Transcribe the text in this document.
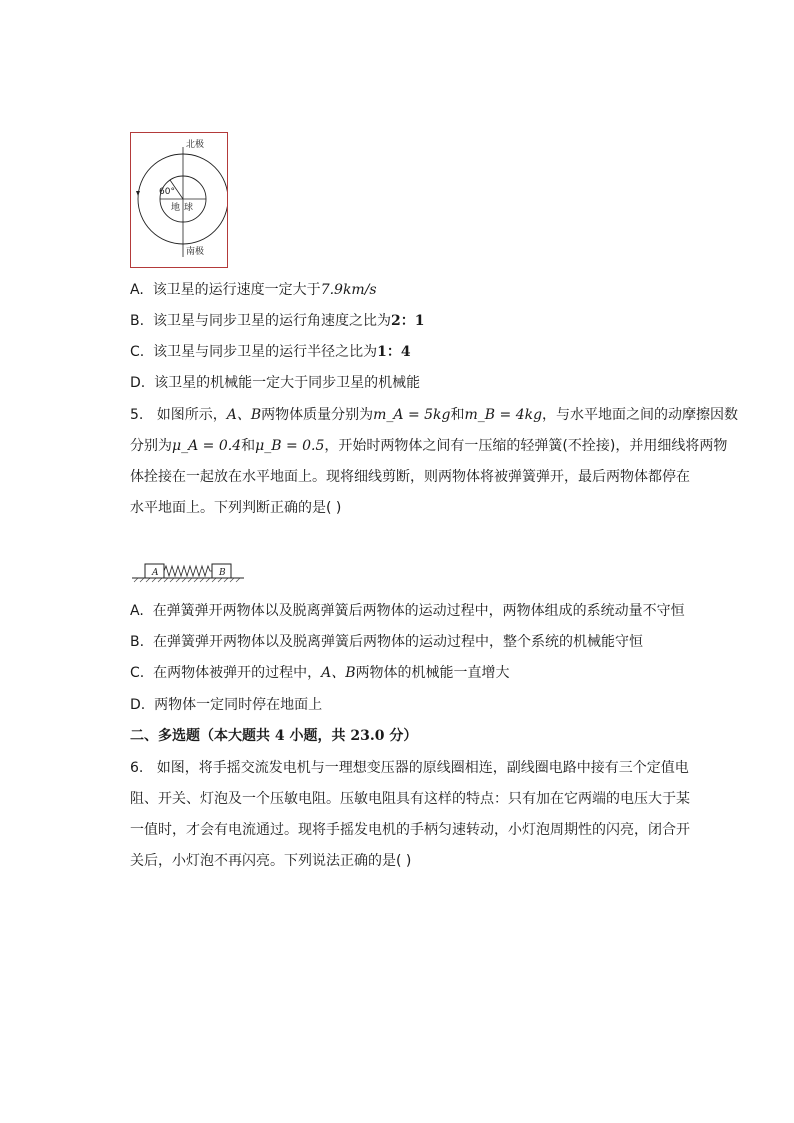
北极
南极
60°
地 球
A. 该卫星的运行速度一定大于7.9km/s
B. 该卫星与同步卫星的运行角速度之比为2：1
C. 该卫星与同步卫星的运行半径之比为1：4
D. 该卫星的机械能一定大于同步卫星的机械能
5. 如图所示，A、B两物体质量分别为m_A = 5kg和m_B = 4kg，与水平地面之间的动摩擦因数
分别为μ_A = 0.4和μ_B = 0.5，开始时两物体之间有一压缩的轻弹簧(不拴接)，并用细线将两物
体拴接在一起放在水平地面上。现将细线剪断，则两物体将被弹簧弹开，最后两物体都停在
水平地面上。下列判断正确的是( )
A	B
A. 在弹簧弹开两物体以及脱离弹簧后两物体的运动过程中，两物体组成的系统动量不守恒
B. 在弹簧弹开两物体以及脱离弹簧后两物体的运动过程中，整个系统的机械能守恒
C. 在两物体被弹开的过程中，A、B两物体的机械能一直增大
D. 两物体一定同时停在地面上
二、多选题（本大题共 4 小题，共 23.0 分）
6. 如图，将手摇交流发电机与一理想变压器的原线圈相连，副线圈电路中接有三个定值电
阻、开关、灯泡及一个压敏电阻。压敏电阻具有这样的特点：只有加在它两端的电压大于某
一值时，才会有电流通过。现将手摇发电机的手柄匀速转动，小灯泡周期性的闪亮，闭合开
关后，小灯泡不再闪亮。下列说法正确的是( )
